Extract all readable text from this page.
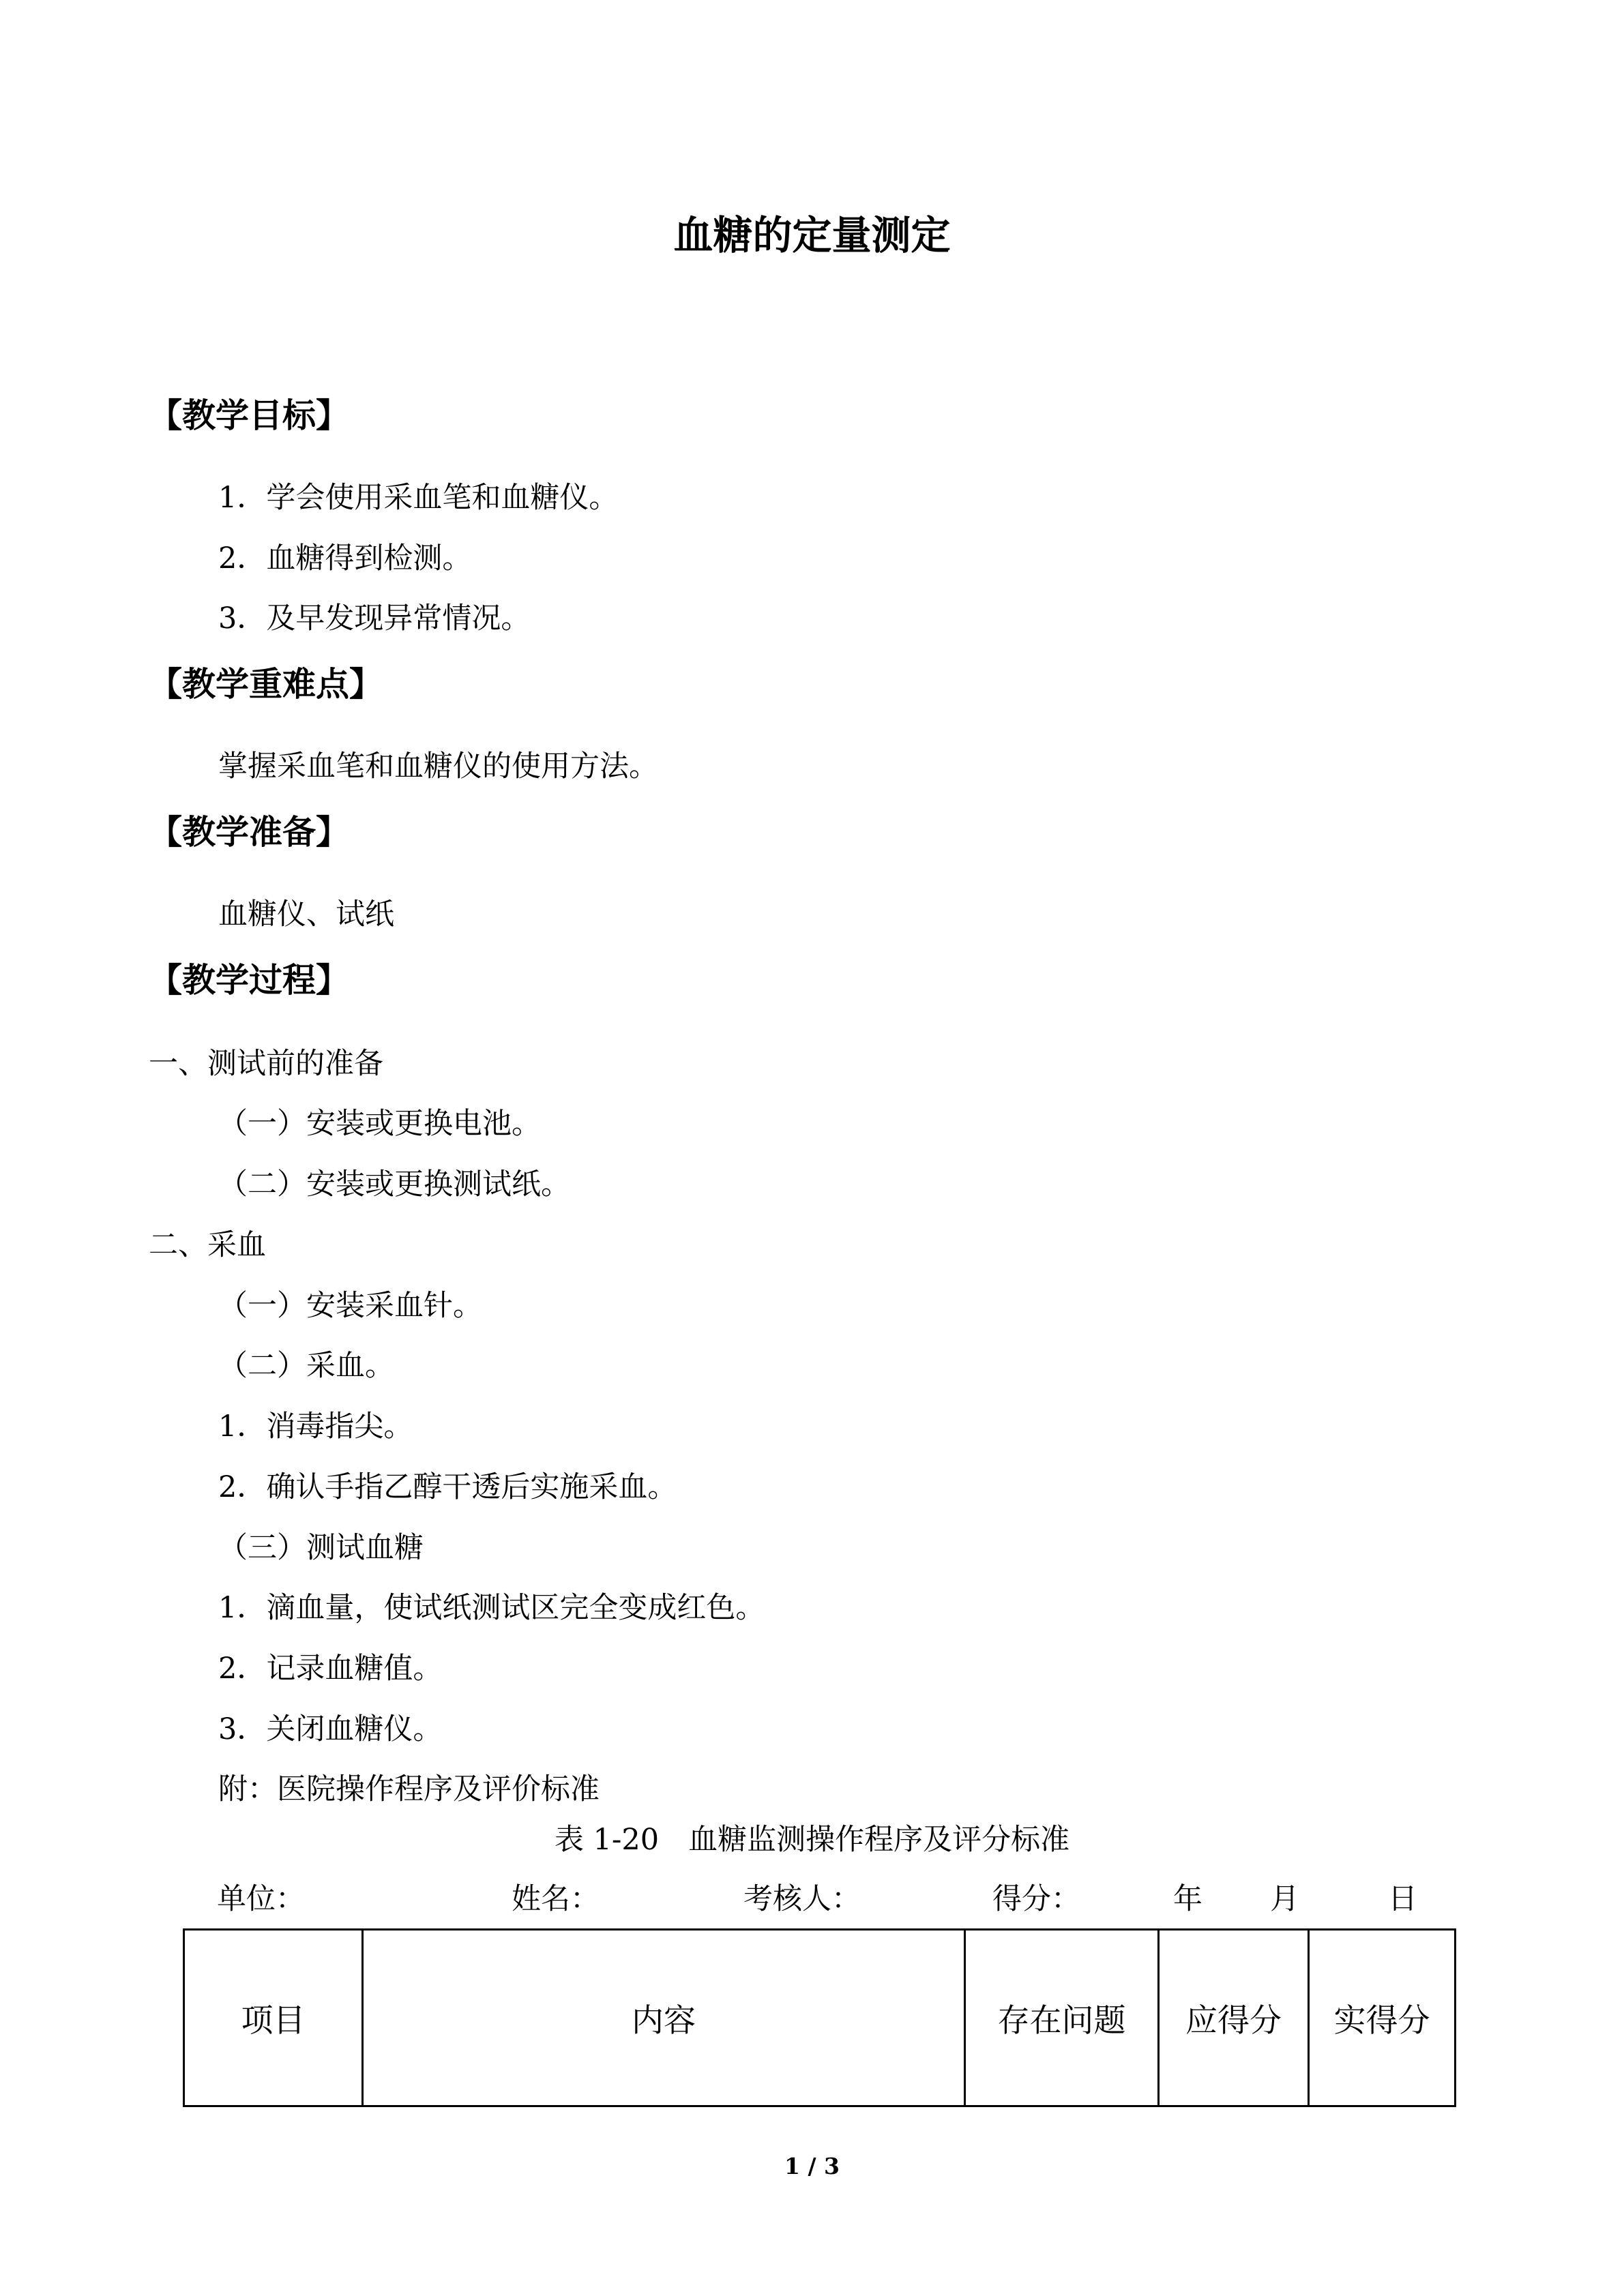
血糖的定量测定
【教学目标】
1．学会使用采血笔和血糖仪。
2．血糖得到检测。
3．及早发现异常情况。
【教学重难点】
掌握采血笔和血糖仪的使用方法。
【教学准备】
血糖仪、试纸
【教学过程】
一、测试前的准备
（一）安装或更换电池。
（二）安装或更换测试纸。
二、采血
（一）安装采血针。
（二）采血。
1．消毒指尖。
2．确认手指乙醇干透后实施采血。
（三）测试血糖
1．滴血量，使试纸测试区完全变成红色。
2．记录血糖值。
3．关闭血糖仪。
附：医院操作程序及评价标准
表 1-20　血糖监测操作程序及评分标准
单位：	姓名：	考核人：	得分：	年 月	日
项目	内容	存在问题	应得分	实得分
1 / 3
